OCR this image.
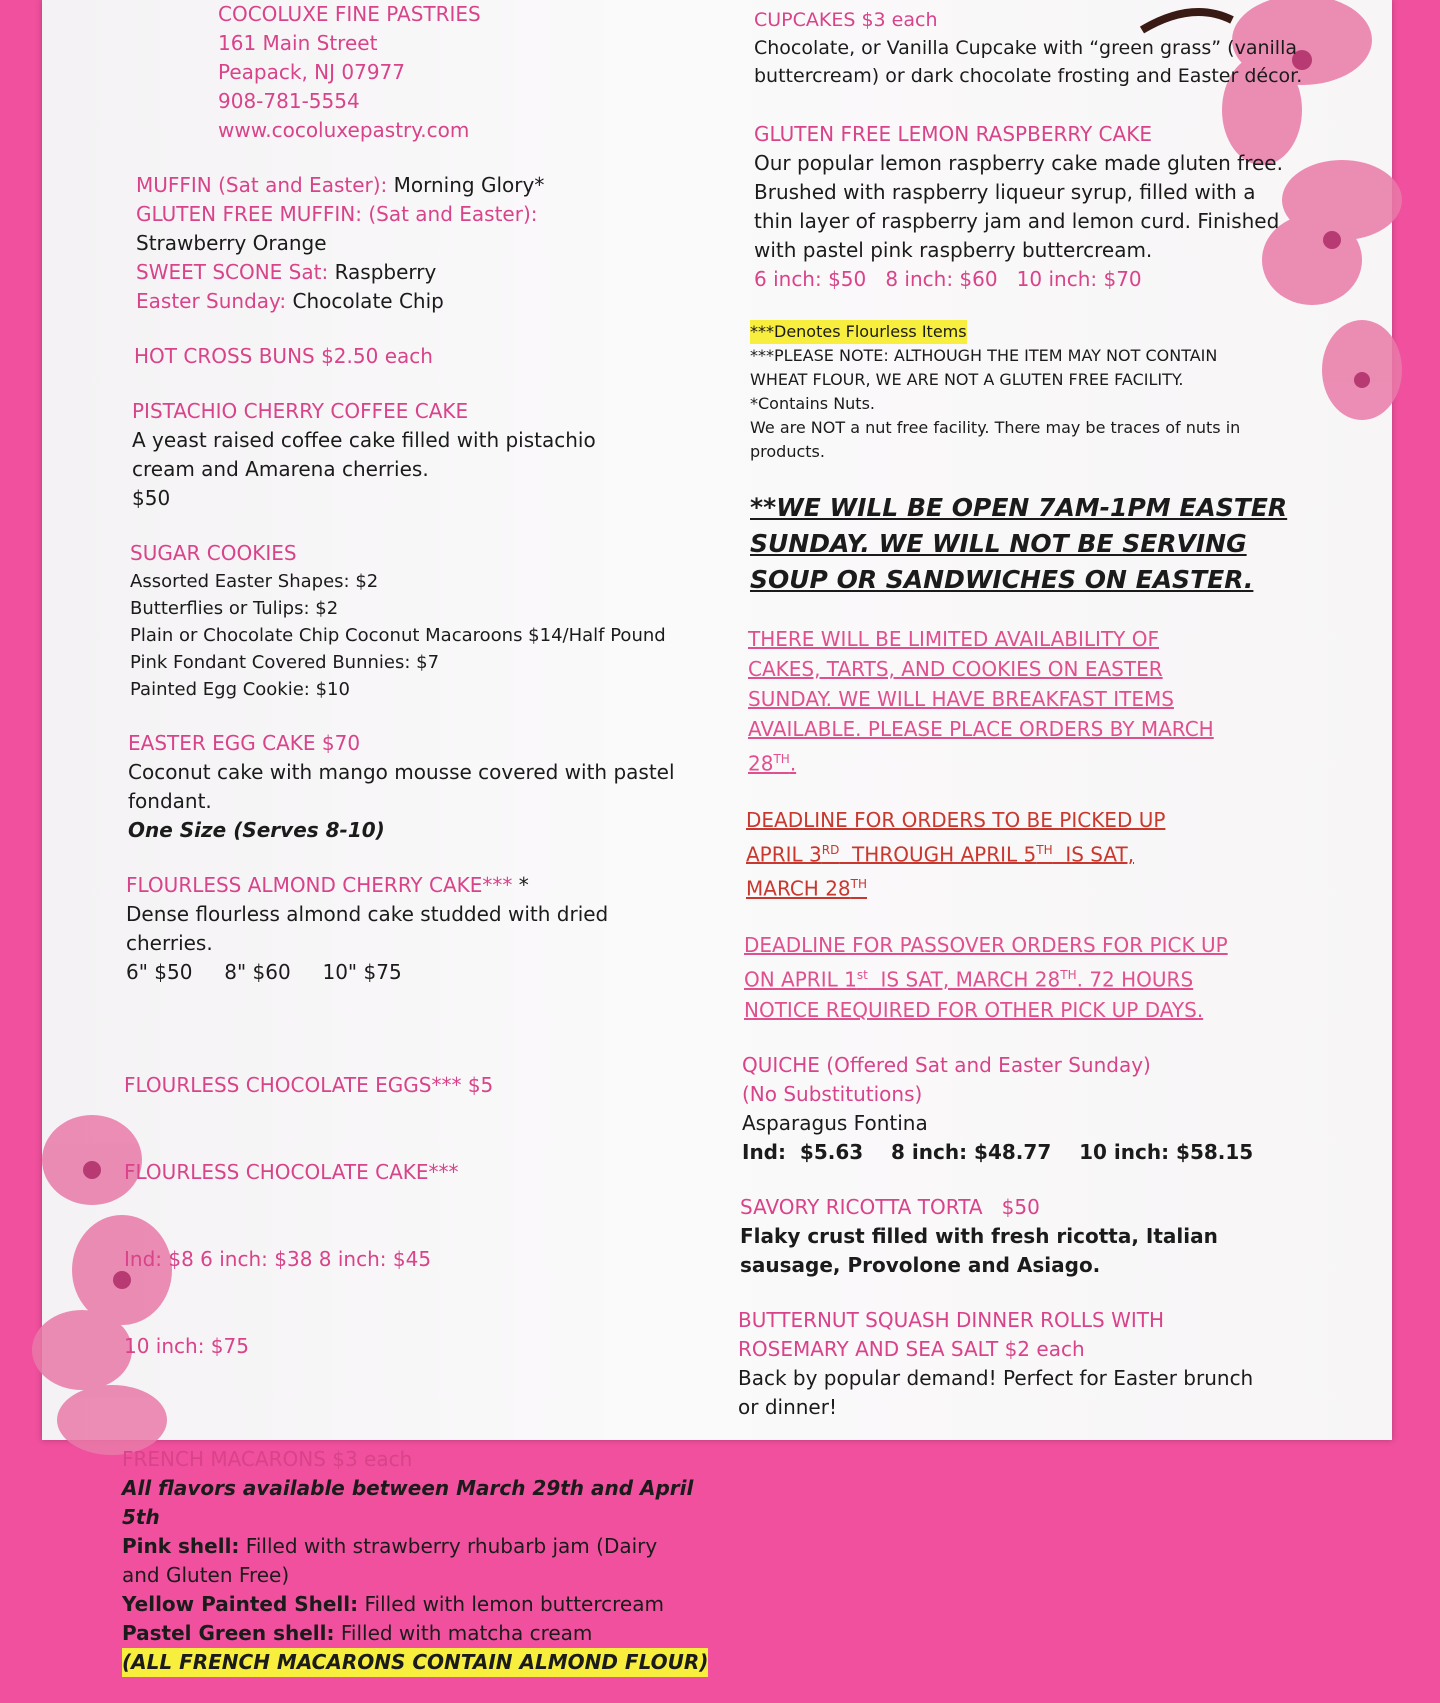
COCOLUXE FINE PASTRIES
161 Main Street
Peapack, NJ 07977
908-781-5554
www.cocoluxepastry.com
MUFFIN (Sat and Easter): Morning Glory*
GLUTEN FREE MUFFIN: (Sat and Easter):
Strawberry Orange
SWEET SCONE Sat: Raspberry
Easter Sunday: Chocolate Chip
HOT CROSS BUNS $2.50 each
PISTACHIO CHERRY COFFEE CAKE
A yeast raised coffee cake filled with pistachio
cream and Amarena cherries.
$50
SUGAR COOKIES
Assorted Easter Shapes: $2
Butterflies or Tulips: $2
Plain or Chocolate Chip Coconut Macaroons $14/Half Pound
Pink Fondant Covered Bunnies: $7
Painted Egg Cookie: $10
EASTER EGG CAKE $70
Coconut cake with mango mousse covered with pastel
fondant.
One Size (Serves 8-10)
FLOURLESS ALMOND CHERRY CAKE*** *
Dense flourless almond cake studded with dried
cherries.
6" $50     8" $60     10" $75

FLOURLESS CHOCOLATE EGGS*** $5

FLOURLESS CHOCOLATE CAKE***

Ind: $8 6 inch: $38 8 inch: $45

10 inch: $75

FRENCH MACARONS $3 each
All flavors available between March 29th and April
5th
Pink shell: Filled with strawberry rhubarb jam (Dairy
and Gluten Free)
Yellow Painted Shell: Filled with lemon buttercream
Pastel Green shell: Filled with matcha cream
(ALL FRENCH MACARONS CONTAIN ALMOND FLOUR)
CUPCAKES $3 each
Chocolate, or Vanilla Cupcake with “green grass” (vanilla
buttercream) or dark chocolate frosting and Easter décor.
GLUTEN FREE LEMON RASPBERRY CAKE
Our popular lemon raspberry cake made gluten free.
Brushed with raspberry liqueur syrup, filled with a
thin layer of raspberry jam and lemon curd. Finished
with pastel pink raspberry buttercream.
6 inch: $50   8 inch: $60   10 inch: $70
***Denotes Flourless Items
***PLEASE NOTE: ALTHOUGH THE ITEM MAY NOT CONTAIN
WHEAT FLOUR, WE ARE NOT A GLUTEN FREE FACILITY.
*Contains Nuts.
We are NOT a nut free facility. There may be traces of nuts in
products.
**WE WILL BE OPEN 7AM-1PM EASTER
SUNDAY. WE WILL NOT BE SERVING
SOUP OR SANDWICHES ON EASTER.
THERE WILL BE LIMITED AVAILABILITY OF
CAKES, TARTS, AND COOKIES ON EASTER
SUNDAY. WE WILL HAVE BREAKFAST ITEMS
AVAILABLE. PLEASE PLACE ORDERS BY MARCH
28TH.
DEADLINE FOR ORDERS TO BE PICKED UP
APRIL 3RD  THROUGH APRIL 5TH  IS SAT,
MARCH 28TH
DEADLINE FOR PASSOVER ORDERS FOR PICK UP
ON APRIL 1st  IS SAT, MARCH 28TH. 72 HOURS
NOTICE REQUIRED FOR OTHER PICK UP DAYS.
QUICHE (Offered Sat and Easter Sunday)
(No Substitutions)
Asparagus Fontina
Ind:  $5.63    8 inch: $48.77    10 inch: $58.15
SAVORY RICOTTA TORTA   $50
Flaky crust filled with fresh ricotta, Italian
sausage, Provolone and Asiago.
BUTTERNUT SQUASH DINNER ROLLS WITH
ROSEMARY AND SEA SALT $2 each
Back by popular demand! Perfect for Easter brunch
or dinner!
